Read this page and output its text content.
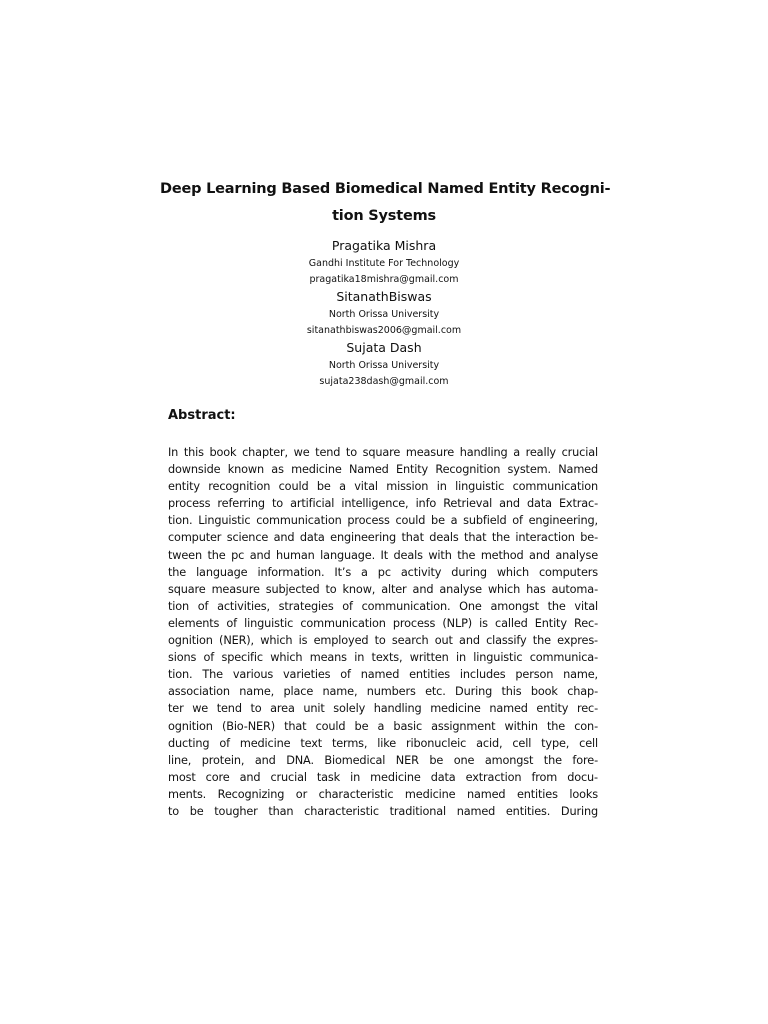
Deep Learning Based Biomedical Named Entity Recogni-
tion Systems
Pragatika Mishra
Gandhi Institute For Technology
pragatika18mishra@gmail.com
SitanathBiswas
North Orissa University
sitanathbiswas2006@gmail.com
Sujata Dash
North Orissa University
sujata238dash@gmail.com
Abstract:
In this book chapter, we tend to square measure handling a really crucial
downside known as medicine Named Entity Recognition system. Named
entity recognition could be a vital mission in linguistic communication
process referring to artificial intelligence, info Retrieval and data Extrac-
tion. Linguistic communication process could be a subfield of engineering,
computer science and data engineering that deals that the interaction be-
tween the pc and human language. It deals with the method and analyse
the language information. It’s a pc activity during which computers
square measure subjected to know, alter and analyse which has automa-
tion of activities, strategies of communication. One amongst the vital
elements of linguistic communication process (NLP) is called Entity Rec-
ognition (NER), which is employed to search out and classify the expres-
sions of specific which means in texts, written in linguistic communica-
tion. The various varieties of named entities includes person name,
association name, place name, numbers etc. During this book chap-
ter we tend to area unit solely handling medicine named entity rec-
ognition (Bio-NER) that could be a basic assignment within the con-
ducting of medicine text terms, like ribonucleic acid, cell type, cell
line, protein, and DNA. Biomedical NER be one amongst the fore-
most core and crucial task in medicine data extraction from docu-
ments. Recognizing or characteristic medicine named entities looks
to be tougher than characteristic traditional named entities. During
